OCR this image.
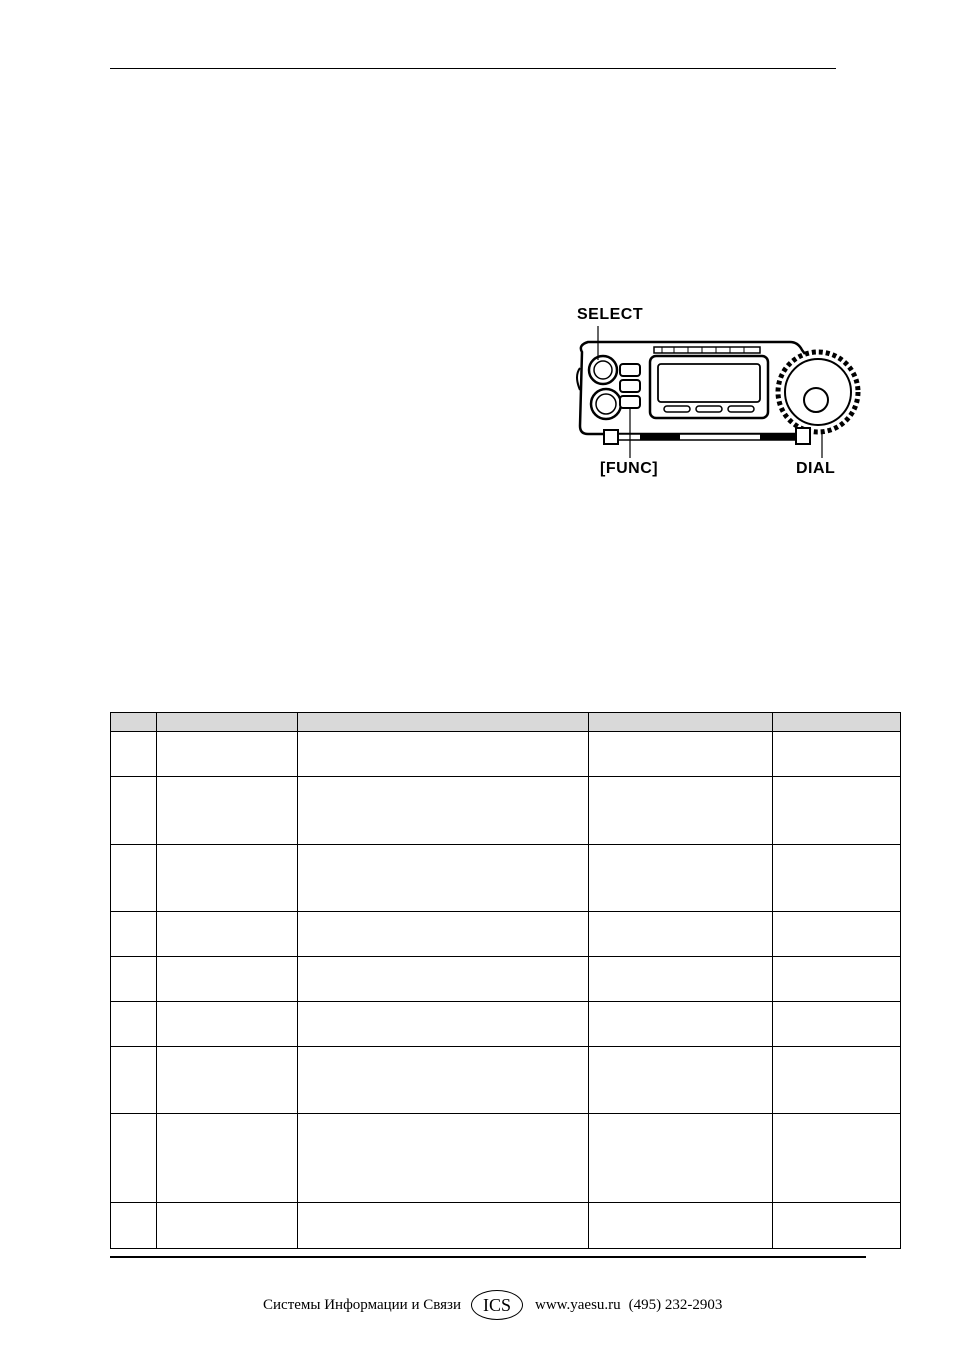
SELECT
[FUNC]	DIAL

Системы Информации и Связи	ICS	www.yaesu.ru (495) 232-2903
